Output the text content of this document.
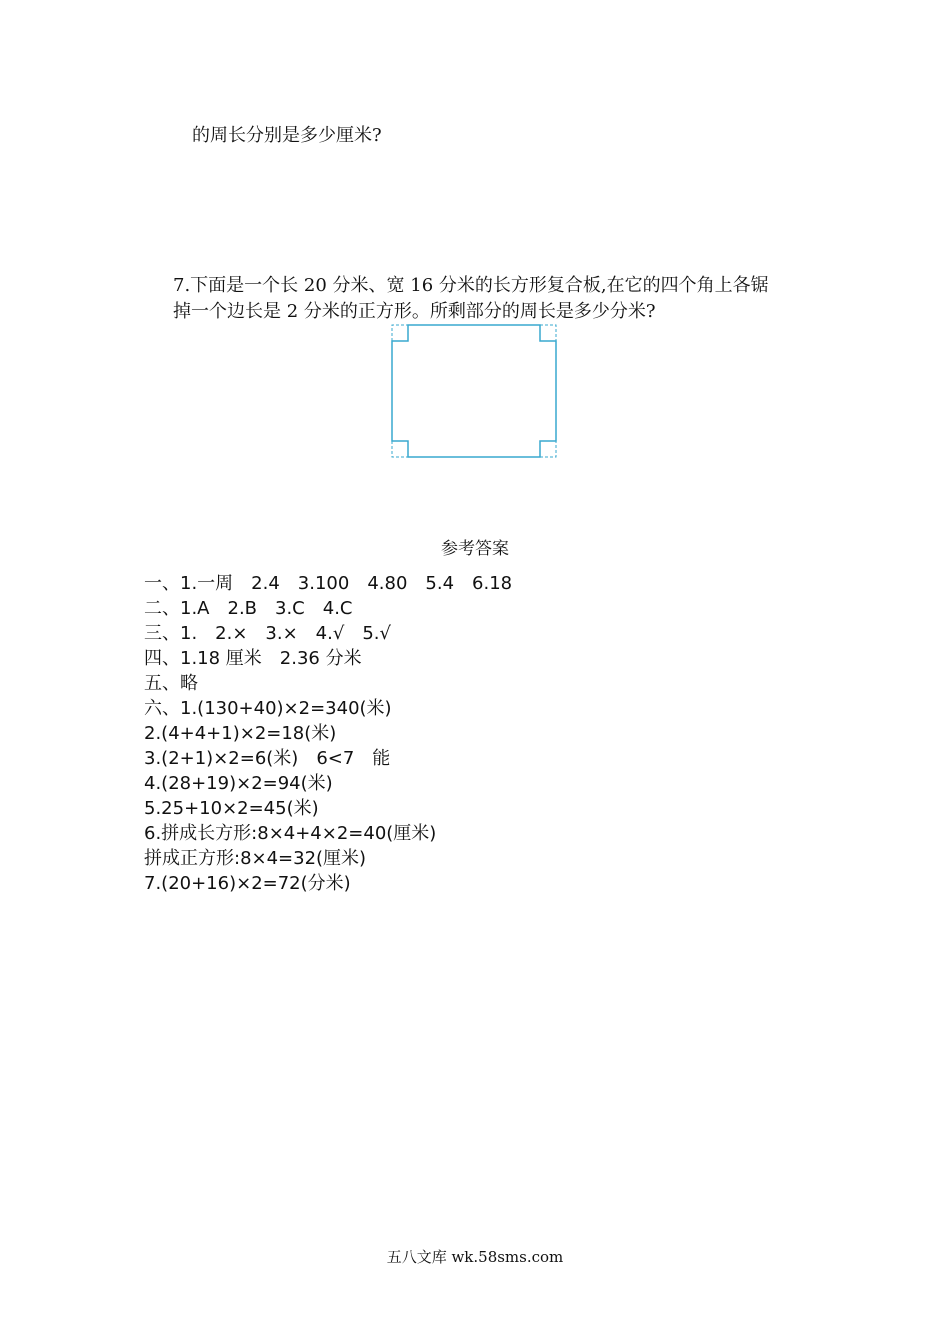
的周长分别是多少厘米?
7.下面是一个长 20 分米、宽 16 分米的长方形复合板,在它的四个角上各锯
掉一个边长是 2 分米的正方形。所剩部分的周长是多少分米?
参考答案
一、1.一周　2.4　3.100　4.80　5.4　6.18
二、1.A　2.B　3.C　4.C
三、1.　2.×　3.×　4.√　5.√
四、1.18 厘米　2.36 分米
五、略
六、1.(130+40)×2=340(米)
2.(4+4+1)×2=18(米)
3.(2+1)×2=6(米)　6<7　能
4.(28+19)×2=94(米)
5.25+10×2=45(米)
6.拼成长方形:8×4+4×2=40(厘米)
拼成正方形:8×4=32(厘米)
7.(20+16)×2=72(分米)
五八文库 wk.58sms.com
